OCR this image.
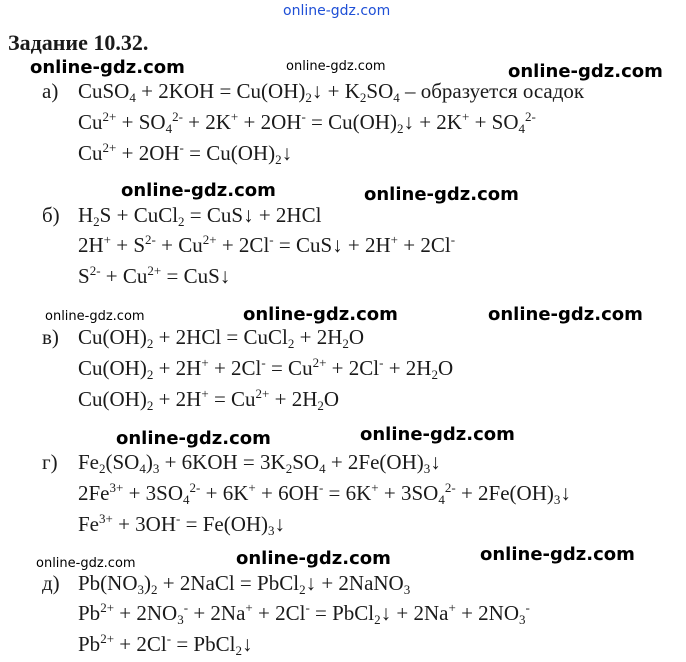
online-gdz.com
online-gdz.com	online-gdz.com	online-gdz.com
online-gdz.com	online-gdz.com
online-gdz.com	online-gdz.com	online-gdz.com
online-gdz.com	online-gdz.com
online-gdz.com	online-gdz.com	online-gdz.com
Задание 10.32.
а) CuSO$_4$ + $2KOH = Cu(OH)_2↓ + K_2SO_4$ – образуется осадок
$Cu^{2+} + SO_4^{2-} + 2K^+ + 2OH^-$ = $Cu(OH)_2↓ + 2K^+ + SO_4^{2-}$
$Cu^{2+} + 2OH^-$ = $Cu(OH)_2↓$
б) $H_2S$ + CuCl$_2$ = CuS↓ + 2HCl
$2H^+ + S^{2-} + Cu^{2+} + 2Cl^-$ = CuS↓ + 2H+ + 2Cl-
$S^{2-} + Cu^{2+}$ = CuS↓
в) $Cu(OH)_2 + 2HCl$ = CuCl$_2$ + $2H_2O$
$Cu(OH)_2 + 2H^+ + 2Cl^- = Cu^{2+} + 2Cl^- + 2H_2O$
$Cu(OH)_2 + 2H^+ = Cu^{2+} + 2H_2O$
г) $Fe_2(SO_4)_3 + 6KOH = 3K_2SO_4$ + $2Fe(OH)_3↓$
$2Fe^{3+} + 3SO_4^{2-} + 6K^+ + 6OH^- = 6K^+ + 3SO_4^{2-}$ + $2Fe(OH)_3↓$
$Fe^{3+} + 3OH^-$ = $Fe(OH)_3↓$
д) $Pb(NO_3)_2$ + 2NaCl = PbCl$_2$↓ + 2NaNO$_3$
$Pb^{2+} + 2NO_3^- + 2Na^+ + 2Cl^-$ = PbCl$_2$↓ + $2Na^+ + 2NO_3^-$
$Pb^{2+} + 2Cl^-$ = PbCl$_2$↓
